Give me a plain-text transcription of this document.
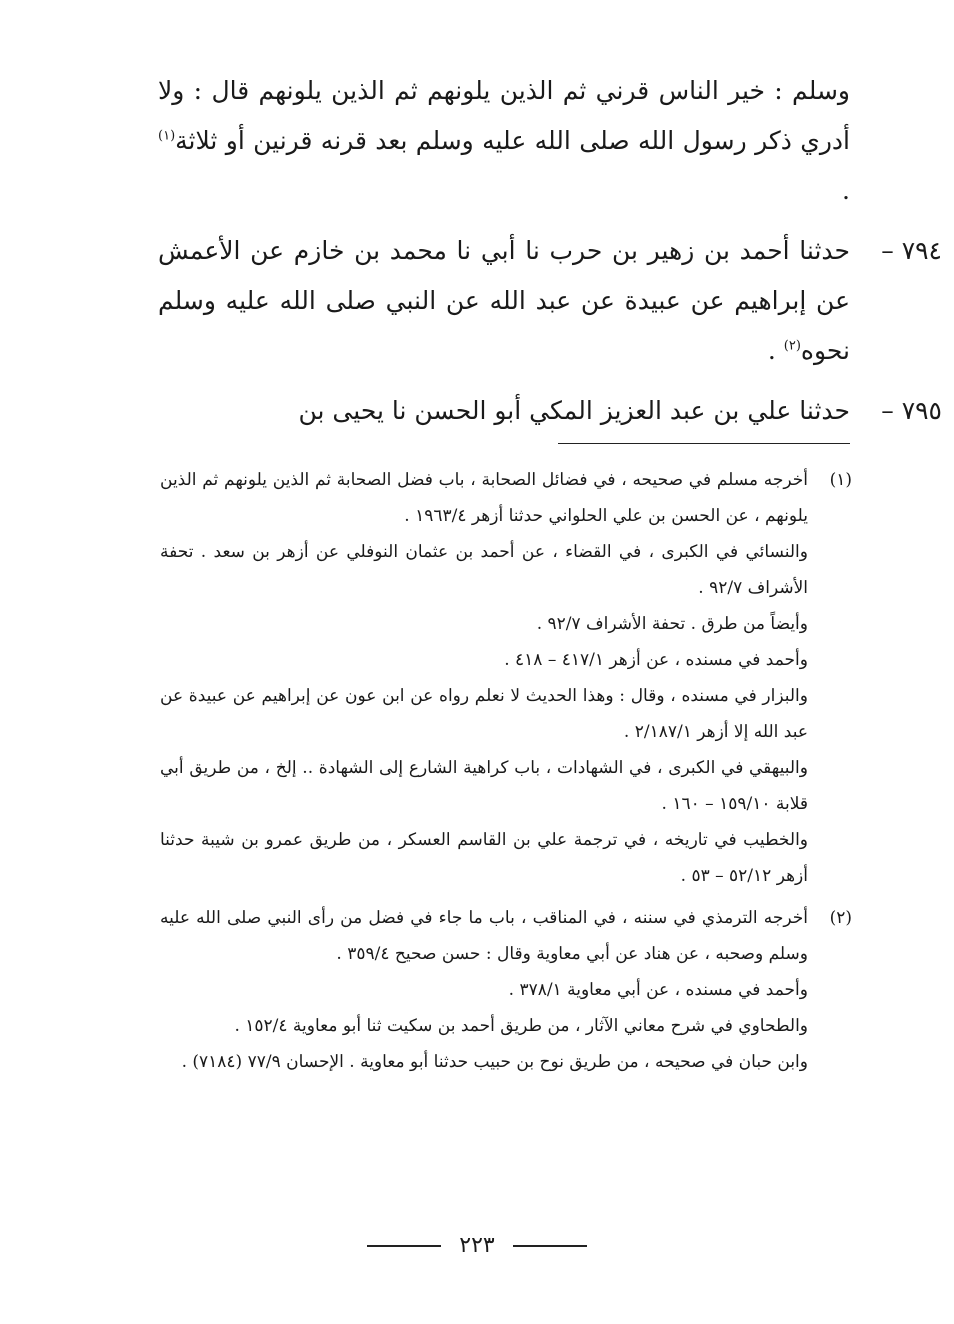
وسلم : خير الناس قرني ثم الذين يلونهم ثم الذين يلونهم قال : ولا أدري ذكر رسول الله صلى الله عليه وسلم بعد قرنه قرنين أو ثلاثة$^{(١)}$ .

٧٩٤ –
حدثنا أحمد بن زهير بن حرب نا أبي نا محمد بن خازم عن الأعمش عن إبراهيم عن عبيدة عن عبد الله عن النبي صلى الله عليه وسلم نحوه$^{(٢)}$ .

٧٩٥ –
حدثنا علي بن عبد العزيز المكي أبو الحسن نا يحيى بن

(١)

أخرجه مسلم في صحيحه ، في فضائل الصحابة ، باب فضل الصحابة ثم الذين يلونهم ثم الذين يلونهم ، عن الحسن بن علي الحلواني حدثنا أزهر ١٩٦٣/٤ .

والنسائي في الكبرى ، في القضاء ، عن أحمد بن عثمان النوفلي عن أزهر بن سعد . تحفة الأشراف ٩٢/٧ .

وأيضاً من طرق . تحفة الأشراف ٩٢/٧ .

وأحمد في مسنده ، عن أزهر ٤١٧/١ – ٤١٨ .

والبزار في مسنده ، وقال : وهذا الحديث لا نعلم رواه عن ابن عون عن إبراهيم عن عبيدة عن عبد الله إلا أزهر ٢/١٨٧/١ .

والبيهقي في الكبرى ، في الشهادات ، باب كراهية الشارع إلى الشهادة .. إلخ ، من طريق أبي قلابة ١٥٩/١٠ – ١٦٠ .

والخطيب في تاريخه ، في ترجمة علي بن القاسم العسكر ، من طريق عمرو بن شيبة حدثنا أزهر ٥٢/١٢ – ٥٣ .

(٢)

أخرجه الترمذي في سننه ، في المناقب ، باب ما جاء في فضل من رأى النبي صلى الله عليه وسلم وصحبه ، عن هناد عن أبي معاوية وقال : حسن صحيح ٣٥٩/٤ .

وأحمد في مسنده ، عن أبي معاوية ٣٧٨/١ .

والطحاوي في شرح معاني الآثار ، من طريق أحمد بن سكيت ثنا أبو معاوية ١٥٢/٤ .

وابن حبان في صحيحه ، من طريق نوح بن حبيب حدثنا أبو معاوية . الإحسان ٧٧/٩ (٧١٨٤) .

٢٢٣
